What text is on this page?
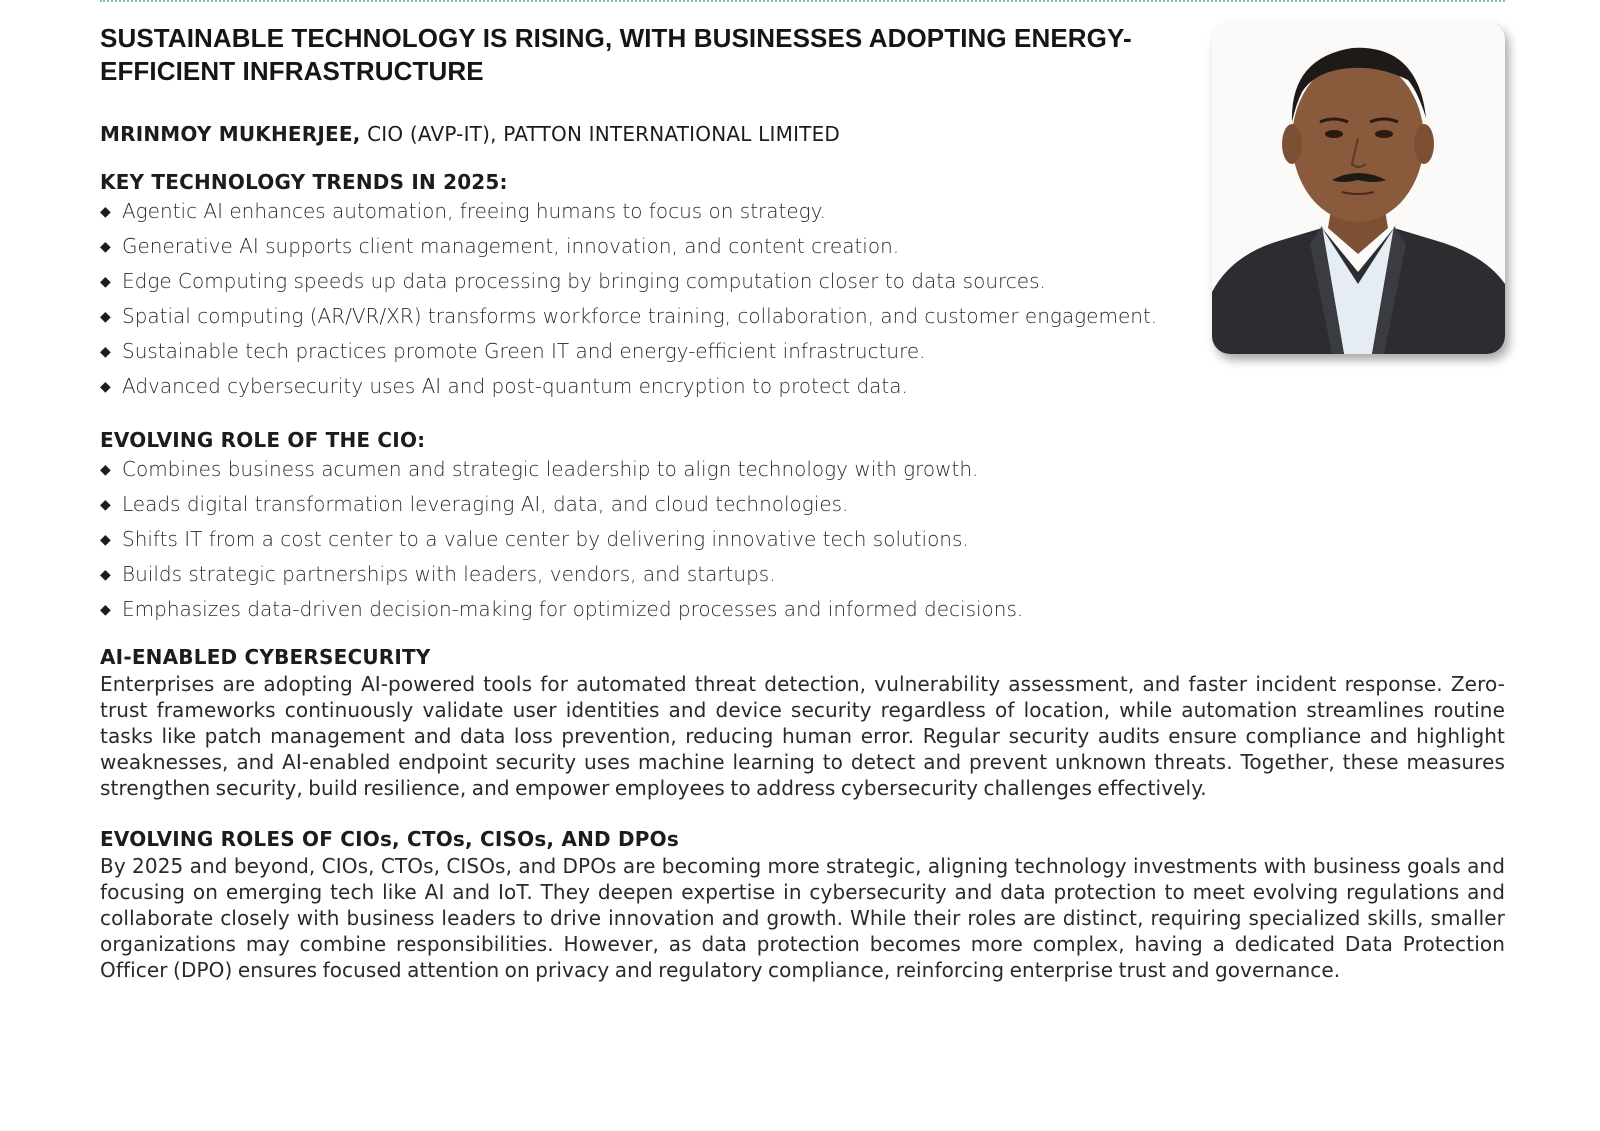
SUSTAINABLE TECHNOLOGY IS RISING, WITH BUSINESSES ADOPTING ENERGY-EFFICIENT INFRASTRUCTURE

MRINMOY MUKHERJEE, CIO (AVP-IT), PATTON INTERNATIONAL LIMITED

KEY TECHNOLOGY TRENDS IN 2025:
◆ Agentic AI enhances automation, freeing humans to focus on strategy.
◆ Generative AI supports client management, innovation, and content creation.
◆ Edge Computing speeds up data processing by bringing computation closer to data sources.
◆ Spatial computing (AR/VR/XR) transforms workforce training, collaboration, and customer engagement.
◆ Sustainable tech practices promote Green IT and energy-efficient infrastructure.
◆ Advanced cybersecurity uses AI and post-quantum encryption to protect data.
EVOLVING ROLE OF THE CIO:
◆ Combines business acumen and strategic leadership to align technology with growth.
◆ Leads digital transformation leveraging AI, data, and cloud technologies.
◆ Shifts IT from a cost center to a value center by delivering innovative tech solutions.
◆ Builds strategic partnerships with leaders, vendors, and startups.
◆ Emphasizes data-driven decision-making for optimized processes and informed decisions.
AI-ENABLED CYBERSECURITY

Enterprises are adopting AI-powered tools for automated threat detection, vulnerability assessment, and faster incident response. Zero-trust frameworks continuously validate user identities and device security regardless of location, while automation streamlines routine tasks like patch management and data loss prevention, reducing human error. Regular security audits ensure compliance and highlight weaknesses, and AI-enabled endpoint security uses machine learning to detect and prevent unknown threats. Together, these measures strengthen security, build resilience, and empower employees to address cybersecurity challenges effectively.

EVOLVING ROLES OF CIOs, CTOs, CISOs, AND DPOs

By 2025 and beyond, CIOs, CTOs, CISOs, and DPOs are becoming more strategic, aligning technology investments with business goals and focusing on emerging tech like AI and IoT. They deepen expertise in cybersecurity and data protection to meet evolving regulations and collaborate closely with business leaders to drive innovation and growth. While their roles are distinct, requiring specialized skills, smaller organizations may combine responsibilities. However, as data protection becomes more complex, having a dedicated Data Protection Officer (DPO) ensures focused attention on privacy and regulatory compliance, reinforcing enterprise trust and governance.
